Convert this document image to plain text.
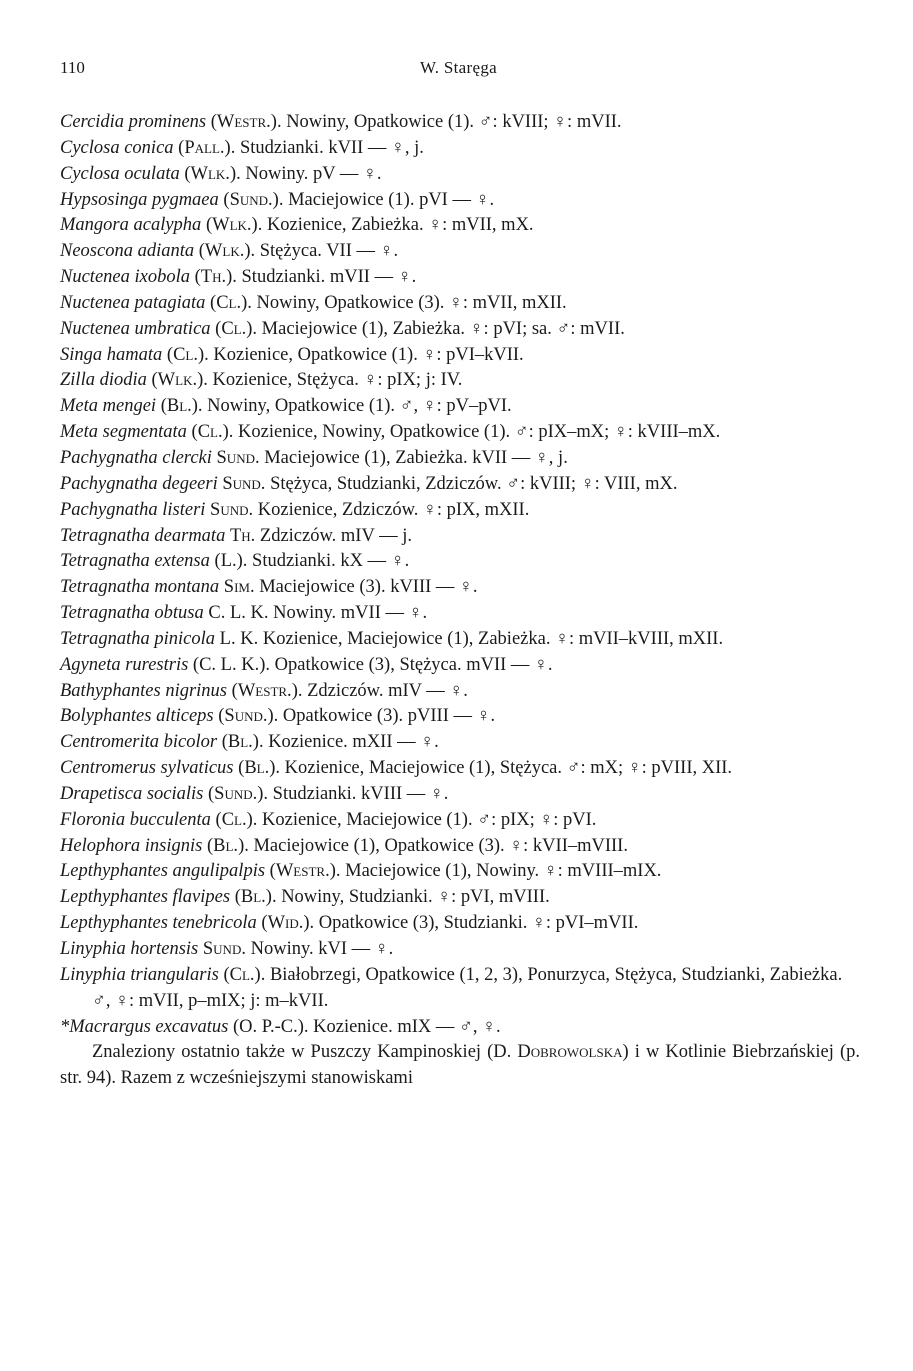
110	W. Staręga
Cercidia prominens (Westr.). Nowiny, Opatkowice (1). ♂: kVIII; ♀: mVII.
Cyclosa conica (Pall.). Studzianki. kVII — ♀, j.
Cyclosa oculata (Wlk.). Nowiny. pV — ♀.
Hypsosinga pygmaea (Sund.). Maciejowice (1). pVI — ♀.
Mangora acalypha (Wlk.). Kozienice, Zabieżka. ♀: mVII, mX.
Neoscona adianta (Wlk.). Stężyca. VII — ♀.
Nuctenea ixobola (Th.). Studzianki. mVII — ♀.
Nuctenea patagiata (Cl.). Nowiny, Opatkowice (3). ♀: mVII, mXII.
Nuctenea umbratica (Cl.). Maciejowice (1), Zabieżka. ♀: pVI; sa. ♂: mVII.
Singa hamata (Cl.). Kozienice, Opatkowice (1). ♀: pVI–kVII.
Zilla diodia (Wlk.). Kozienice, Stężyca. ♀: pIX; j: IV.
Meta mengei (Bl.). Nowiny, Opatkowice (1). ♂, ♀: pV–pVI.
Meta segmentata (Cl.). Kozienice, Nowiny, Opatkowice (1). ♂: pIX–mX; ♀: kVIII–mX.
Pachygnatha clercki Sund. Maciejowice (1), Zabieżka. kVII — ♀, j.
Pachygnatha degeeri Sund. Stężyca, Studzianki, Zdziczów. ♂: kVIII; ♀: VIII, mX.
Pachygnatha listeri Sund. Kozienice, Zdziczów. ♀: pIX, mXII.
Tetragnatha dearmata Th. Zdziczów. mIV — j.
Tetragnatha extensa (L.). Studzianki. kX — ♀.
Tetragnatha montana Sim. Maciejowice (3). kVIII — ♀.
Tetragnatha obtusa C. L. K. Nowiny. mVII — ♀.
Tetragnatha pinicola L. K. Kozienice, Maciejowice (1), Zabieżka. ♀: mVII–kVIII, mXII.
Agyneta rurestris (C. L. K.). Opatkowice (3), Stężyca. mVII — ♀.
Bathyphantes nigrinus (Westr.). Zdziczów. mIV — ♀.
Bolyphantes alticeps (Sund.). Opatkowice (3). pVIII — ♀.
Centromerita bicolor (Bl.). Kozienice. mXII — ♀.
Centromerus sylvaticus (Bl.). Kozienice, Maciejowice (1), Stężyca. ♂: mX; ♀: pVIII, XII.
Drapetisca socialis (Sund.). Studzianki. kVIII — ♀.
Floronia bucculenta (Cl.). Kozienice, Maciejowice (1). ♂: pIX; ♀: pVI.
Helophora insignis (Bl.). Maciejowice (1), Opatkowice (3). ♀: kVII–mVIII.
Lepthyphantes angulipalpis (Westr.). Maciejowice (1), Nowiny. ♀: mVIII–mIX.
Lepthyphantes flavipes (Bl.). Nowiny, Studzianki. ♀: pVI, mVIII.
Lepthyphantes tenebricola (Wid.). Opatkowice (3), Studzianki. ♀: pVI–mVII.
Linyphia hortensis Sund. Nowiny. kVI — ♀.
Linyphia triangularis (Cl.). Białobrzegi, Opatkowice (1, 2, 3), Ponurzyca, Stężyca, Studzianki, Zabieżka. ♂, ♀: mVII, p–mIX; j: m–kVII.
*Macrargus excavatus (O. P.-C.). Kozienice. mIX — ♂, ♀.
Znaleziony ostatnio także w Puszczy Kampinoskiej (D. Dobrowolska) i w Kotlinie Biebrzańskiej (p. str. 94). Razem z wcześniejszymi stanowiskami
